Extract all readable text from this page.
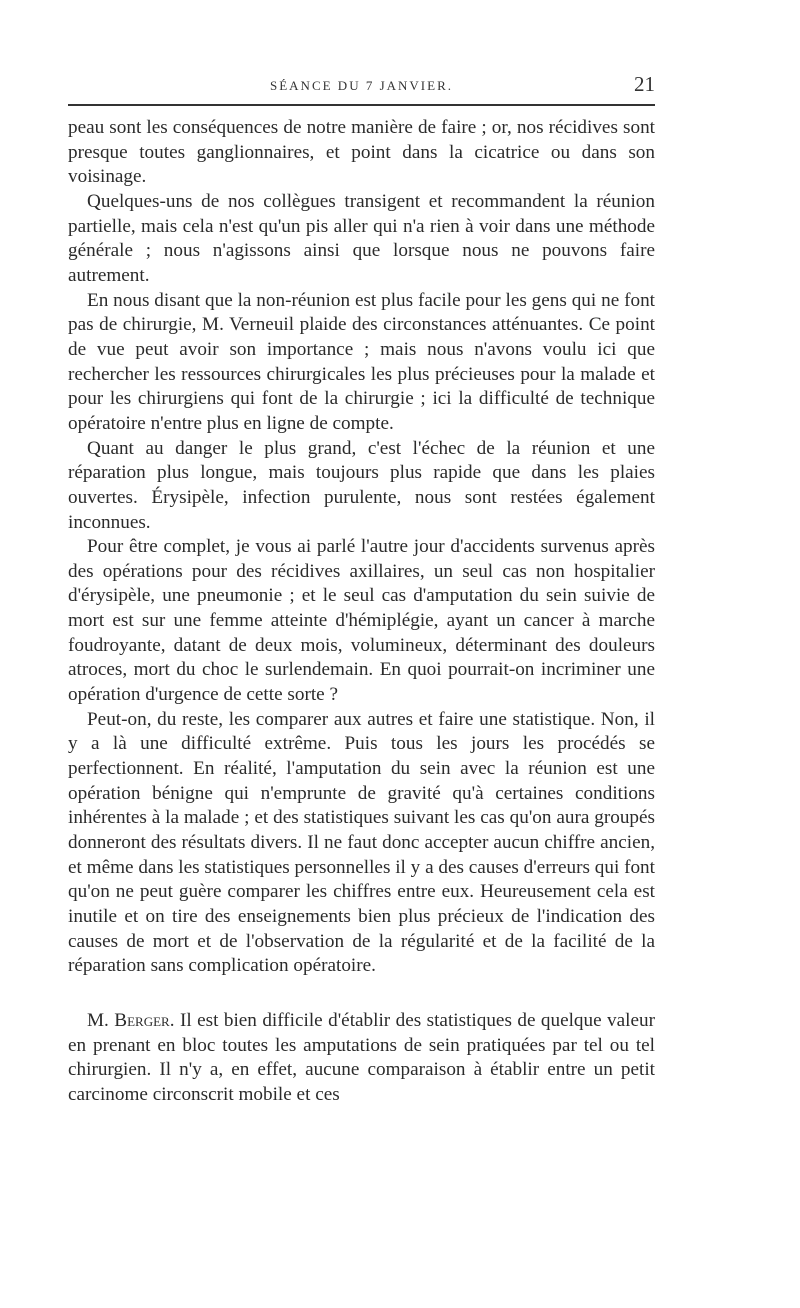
SÉANCE DU 7 JANVIER.	21

peau sont les conséquences de notre manière de faire ; or, nos récidives sont presque toutes ganglionnaires, et point dans la cicatrice ou dans son voisinage.

Quelques-uns de nos collègues transigent et recommandent la réunion partielle, mais cela n'est qu'un pis aller qui n'a rien à voir dans une méthode générale ; nous n'agissons ainsi que lorsque nous ne pouvons faire autrement.

En nous disant que la non-réunion est plus facile pour les gens qui ne font pas de chirurgie, M. Verneuil plaide des circonstances atténuantes. Ce point de vue peut avoir son importance ; mais nous n'avons voulu ici que rechercher les ressources chirurgicales les plus précieuses pour la malade et pour les chirurgiens qui font de la chirurgie ; ici la difficulté de technique opératoire n'entre plus en ligne de compte.

Quant au danger le plus grand, c'est l'échec de la réunion et une réparation plus longue, mais toujours plus rapide que dans les plaies ouvertes. Érysipèle, infection purulente, nous sont restées également inconnues.

Pour être complet, je vous ai parlé l'autre jour d'accidents survenus après des opérations pour des récidives axillaires, un seul cas non hospitalier d'érysipèle, une pneumonie ; et le seul cas d'amputation du sein suivie de mort est sur une femme atteinte d'hémiplégie, ayant un cancer à marche foudroyante, datant de deux mois, volumineux, déterminant des douleurs atroces, mort du choc le surlendemain. En quoi pourrait-on incriminer une opération d'urgence de cette sorte ?

Peut-on, du reste, les comparer aux autres et faire une statistique. Non, il y a là une difficulté extrême. Puis tous les jours les procédés se perfectionnent. En réalité, l'amputation du sein avec la réunion est une opération bénigne qui n'emprunte de gravité qu'à certaines conditions inhérentes à la malade ; et des statistiques suivant les cas qu'on aura groupés donneront des résultats divers. Il ne faut donc accepter aucun chiffre ancien, et même dans les statistiques personnelles il y a des causes d'erreurs qui font qu'on ne peut guère comparer les chiffres entre eux. Heureusement cela est inutile et on tire des enseignements bien plus précieux de l'indication des causes de mort et de l'observation de la régularité et de la facilité de la réparation sans complication opératoire.

M. Berger. Il est bien difficile d'établir des statistiques de quelque valeur en prenant en bloc toutes les amputations de sein pratiquées par tel ou tel chirurgien. Il n'y a, en effet, aucune comparaison à établir entre un petit carcinome circonscrit mobile et ces
